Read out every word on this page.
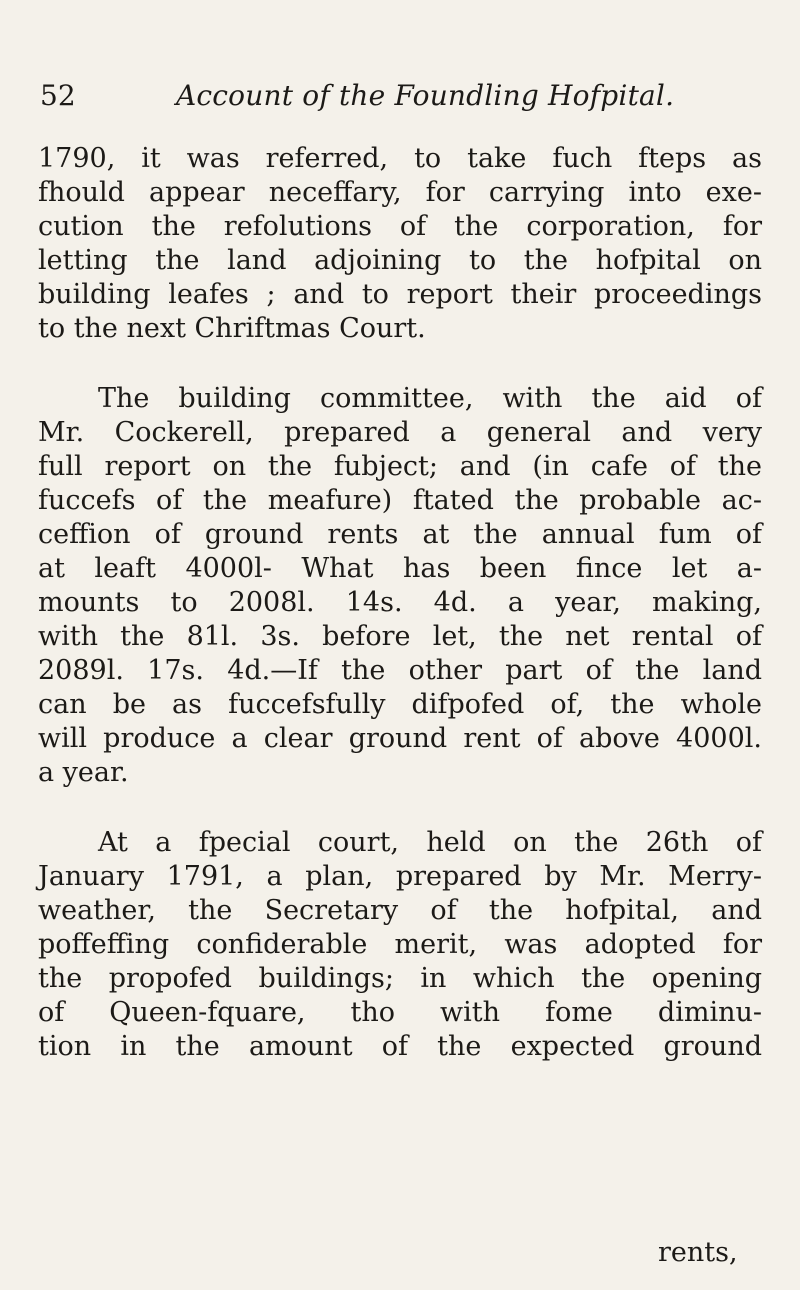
52	Account of the Foundling Hofpital.

1790, it was referred, to take fuch fteps as
fhould appear neceffary, for carrying into exe-
cution the refolutions of the corporation, for
letting the land adjoining to the hofpital on
building leafes ; and to report their proceedings
to the next Chriftmas Court.

The building committee, with the aid of
Mr. Cockerell, prepared a general and very
full report on the fubject; and (in cafe of the
fuccefs of the meafure) ftated the probable ac-
ceffion of ground rents at the annual fum of
at leaft 4000l- What has been fince let a-
mounts to 2008l. 14s. 4d. a year, making,
with the 81l. 3s. before let, the net rental of
2089l. 17s. 4d.—If the other part of the land
can be as fuccefsfully difpofed of, the whole
will produce a clear ground rent of above 4000l.
a year.

At a fpecial court, held on the 26th of
January 1791, a plan, prepared by Mr. Merry-
weather, the Secretary of the hofpital, and
poffeffing confiderable merit, was adopted for
the propofed buildings; in which the opening
of Queen-fquare, tho with fome diminu-
tion in the amount of the expected ground

rents,
